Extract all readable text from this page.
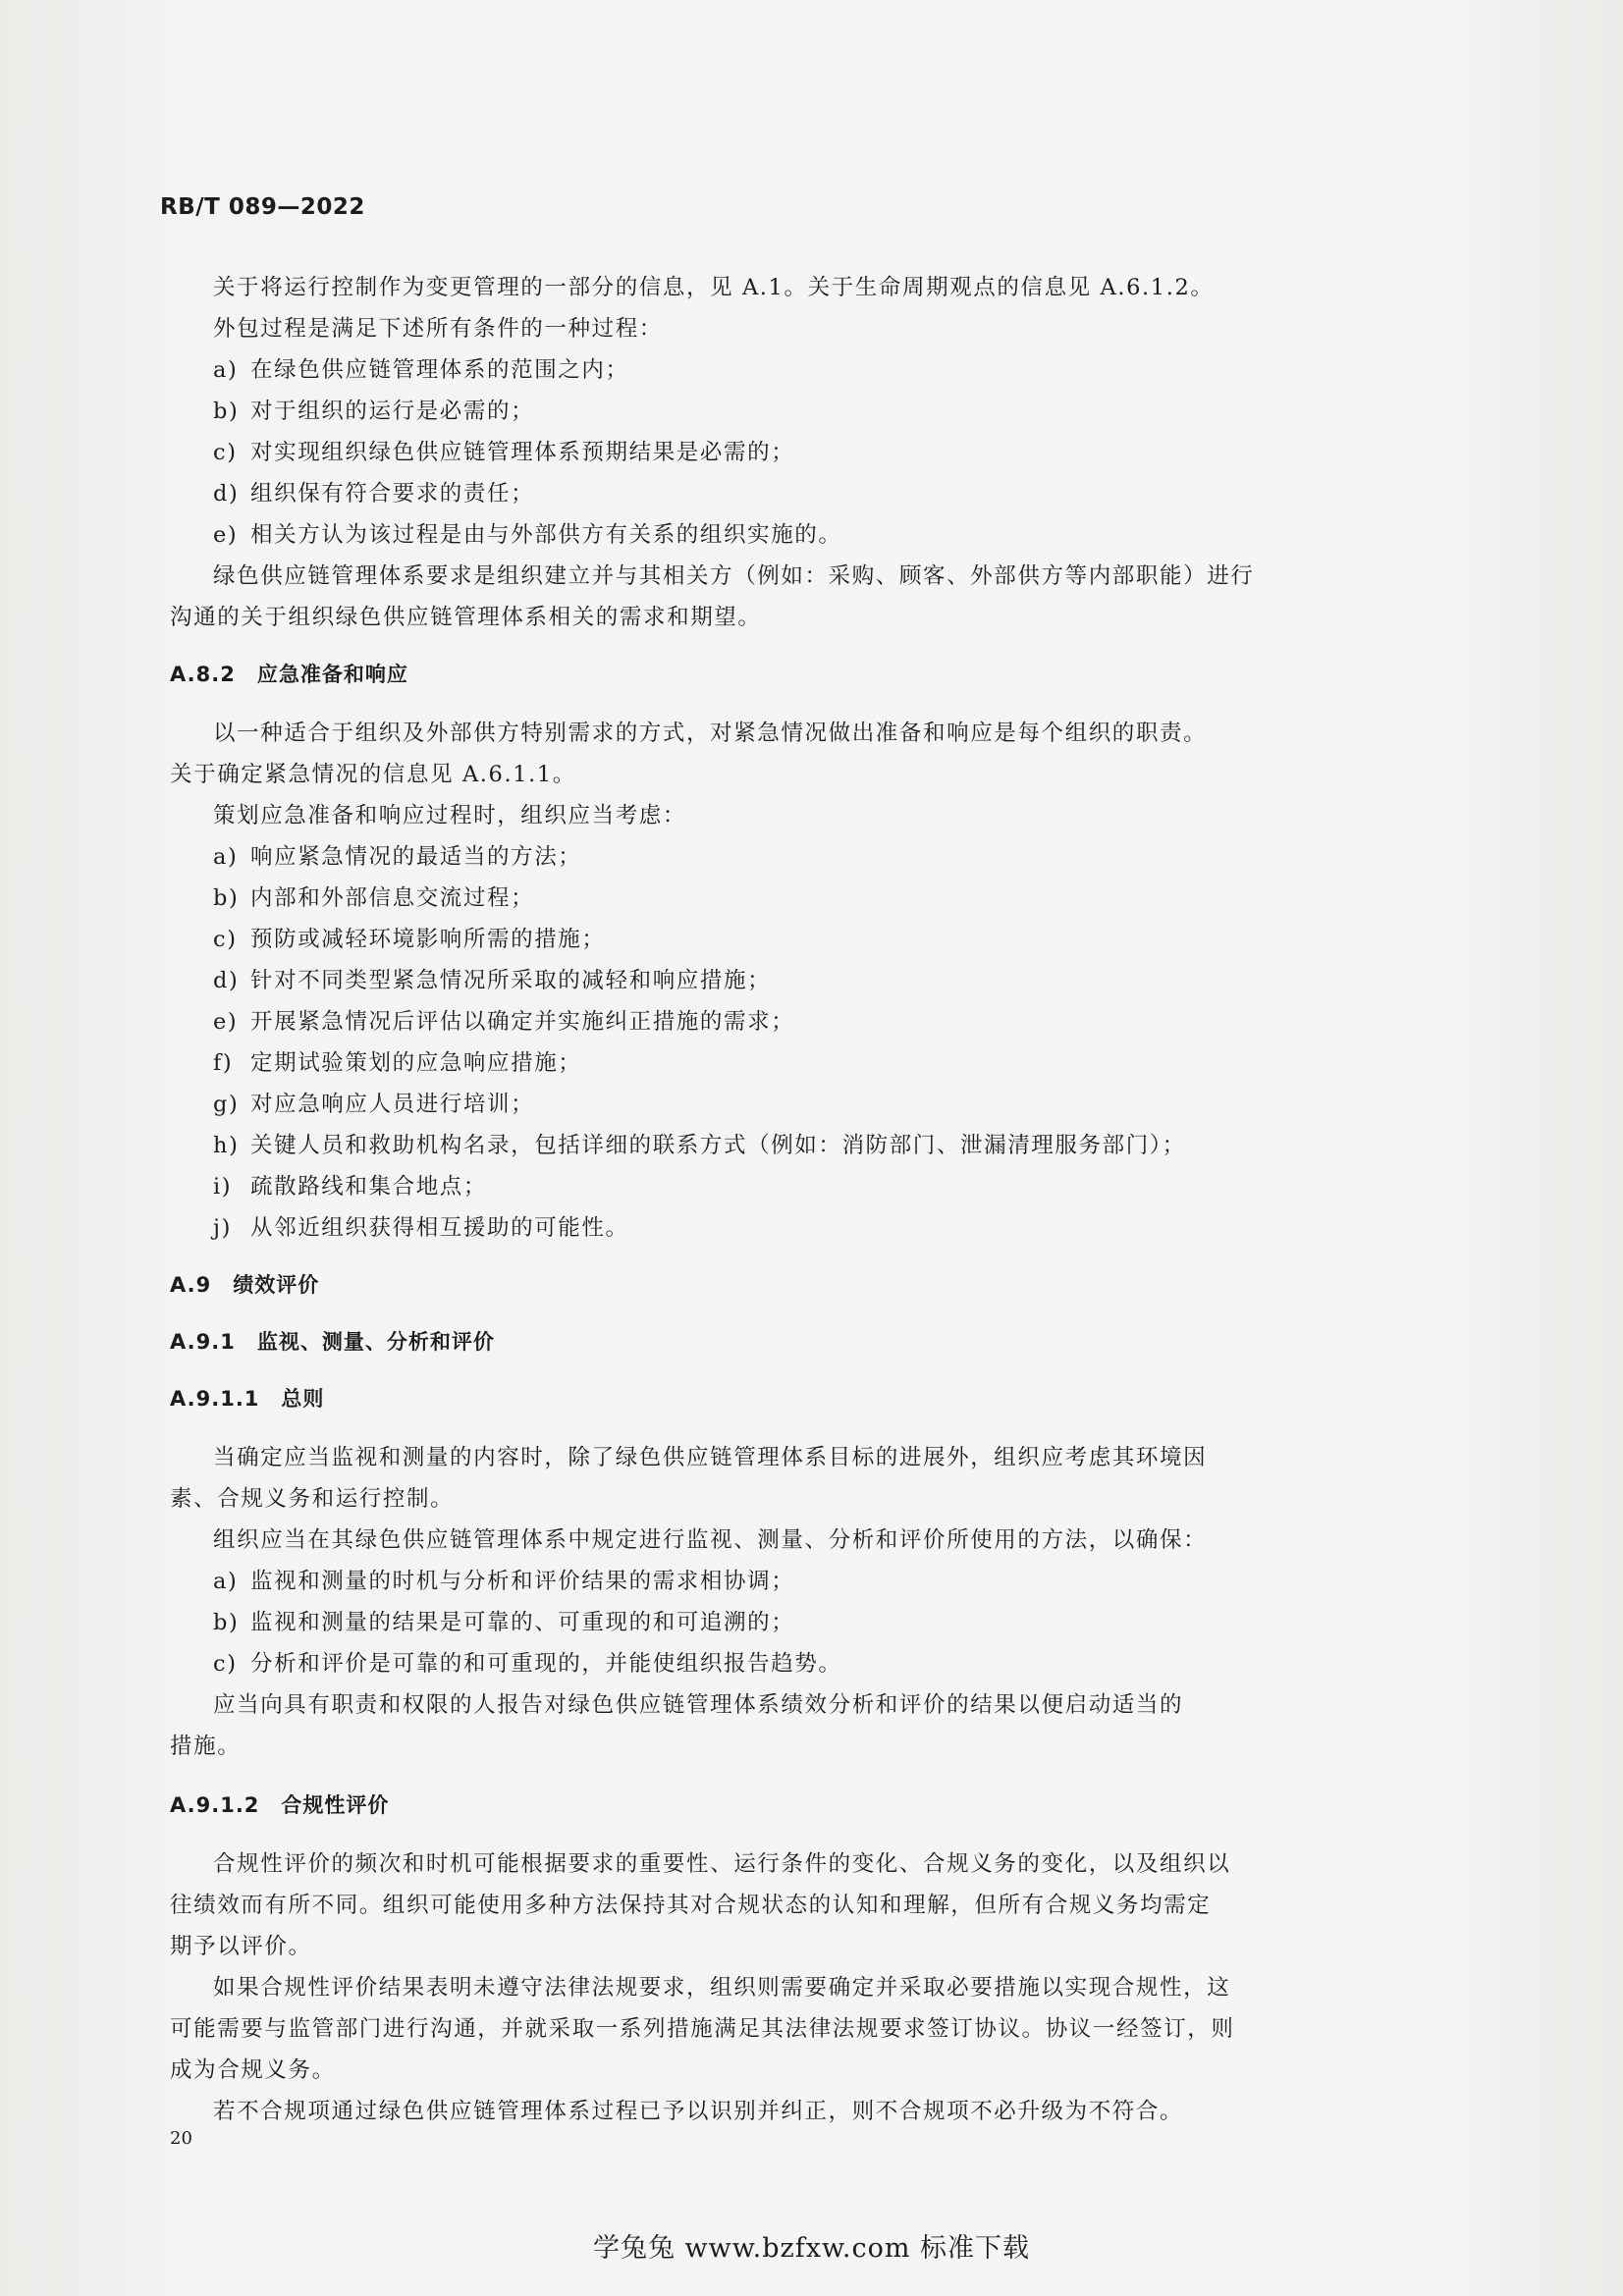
RB/T 089—2022
关于将运行控制作为变更管理的一部分的信息，见 A.1。关于生命周期观点的信息见 A.6.1.2。
外包过程是满足下述所有条件的一种过程：
a) 在绿色供应链管理体系的范围之内；
b) 对于组织的运行是必需的；
c) 对实现组织绿色供应链管理体系预期结果是必需的；
d) 组织保有符合要求的责任；
e) 相关方认为该过程是由与外部供方有关系的组织实施的。
绿色供应链管理体系要求是组织建立并与其相关方（例如：采购、顾客、外部供方等内部职能）进行
沟通的关于组织绿色供应链管理体系相关的需求和期望。
A.8.2 应急准备和响应
以一种适合于组织及外部供方特别需求的方式，对紧急情况做出准备和响应是每个组织的职责。
关于确定紧急情况的信息见 A.6.1.1。
策划应急准备和响应过程时，组织应当考虑：
a) 响应紧急情况的最适当的方法；
b) 内部和外部信息交流过程；
c) 预防或减轻环境影响所需的措施；
d) 针对不同类型紧急情况所采取的减轻和响应措施；
e) 开展紧急情况后评估以确定并实施纠正措施的需求；
f) 定期试验策划的应急响应措施；
g) 对应急响应人员进行培训；
h) 关键人员和救助机构名录，包括详细的联系方式（例如：消防部门、泄漏清理服务部门）；
i) 疏散路线和集合地点；
j) 从邻近组织获得相互援助的可能性。
A.9 绩效评价
A.9.1 监视、测量、分析和评价
A.9.1.1 总则
当确定应当监视和测量的内容时，除了绿色供应链管理体系目标的进展外，组织应考虑其环境因
素、合规义务和运行控制。
组织应当在其绿色供应链管理体系中规定进行监视、测量、分析和评价所使用的方法，以确保：
a) 监视和测量的时机与分析和评价结果的需求相协调；
b) 监视和测量的结果是可靠的、可重现的和可追溯的；
c) 分析和评价是可靠的和可重现的，并能使组织报告趋势。
应当向具有职责和权限的人报告对绿色供应链管理体系绩效分析和评价的结果以便启动适当的
措施。
A.9.1.2 合规性评价
合规性评价的频次和时机可能根据要求的重要性、运行条件的变化、合规义务的变化，以及组织以
往绩效而有所不同。组织可能使用多种方法保持其对合规状态的认知和理解，但所有合规义务均需定
期予以评价。
如果合规性评价结果表明未遵守法律法规要求，组织则需要确定并采取必要措施以实现合规性，这
可能需要与监管部门进行沟通，并就采取一系列措施满足其法律法规要求签订协议。协议一经签订，则
成为合规义务。
若不合规项通过绿色供应链管理体系过程已予以识别并纠正，则不合规项不必升级为不符合。
20
学兔兔 www.bzfxw.com 标准下载
